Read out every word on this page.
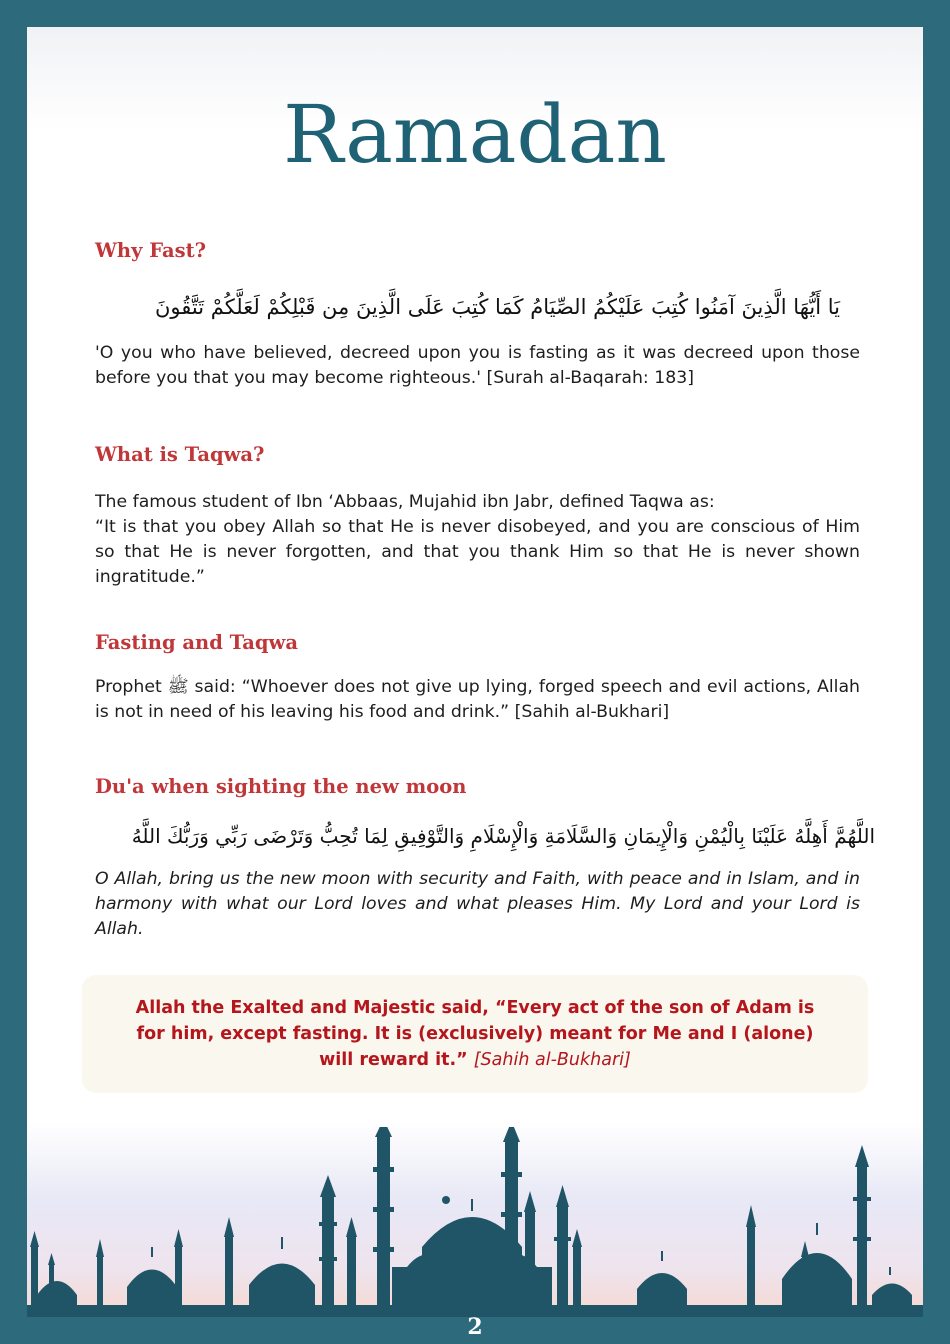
Ramadan
Why Fast?

يَا أَيُّهَا الَّذِينَ آمَنُوا كُتِبَ عَلَيْكُمُ الصِّيَامُ كَمَا كُتِبَ عَلَى الَّذِينَ مِن قَبْلِكُمْ لَعَلَّكُمْ تَتَّقُونَ

'O you who have believed, decreed upon you is fasting as it was decreed upon those before you that you may become righteous.' [Surah al-Baqarah: 183]

What is Taqwa?

The famous student of Ibn ‘Abbaas, Mujahid ibn Jabr, defined Taqwa as:

“It is that you obey Allah so that He is never disobeyed, and you are conscious of Him so that He is never forgotten, and that you thank Him so that He is never shown ingratitude.”

Fasting and Taqwa

Prophet ﷺ said: “Whoever does not give up lying, forged speech and evil actions, Allah is not in need of his leaving his food and drink.” [Sahih al-Bukhari]

Du'a when sighting the new moon

اللَّهُمَّ أَهِلَّهُ عَلَيْنَا بِالْيُمْنِ وَالْإِيمَانِ وَالسَّلَامَةِ وَالْإِسْلَامِ وَالتَّوْفِيقِ لِمَا تُحِبُّ وَتَرْضَى رَبِّي وَرَبُّكَ اللَّهُ

O Allah, bring us the new moon with security and Faith, with peace and in Islam, and in harmony with what our Lord loves and what pleases Him. My Lord and your Lord is Allah.

Allah the Exalted and Majestic said, “Every act of the son of Adam is for him, except fasting. It is (exclusively) meant for Me and I (alone) will reward it.” [Sahih al-Bukhari]

2
